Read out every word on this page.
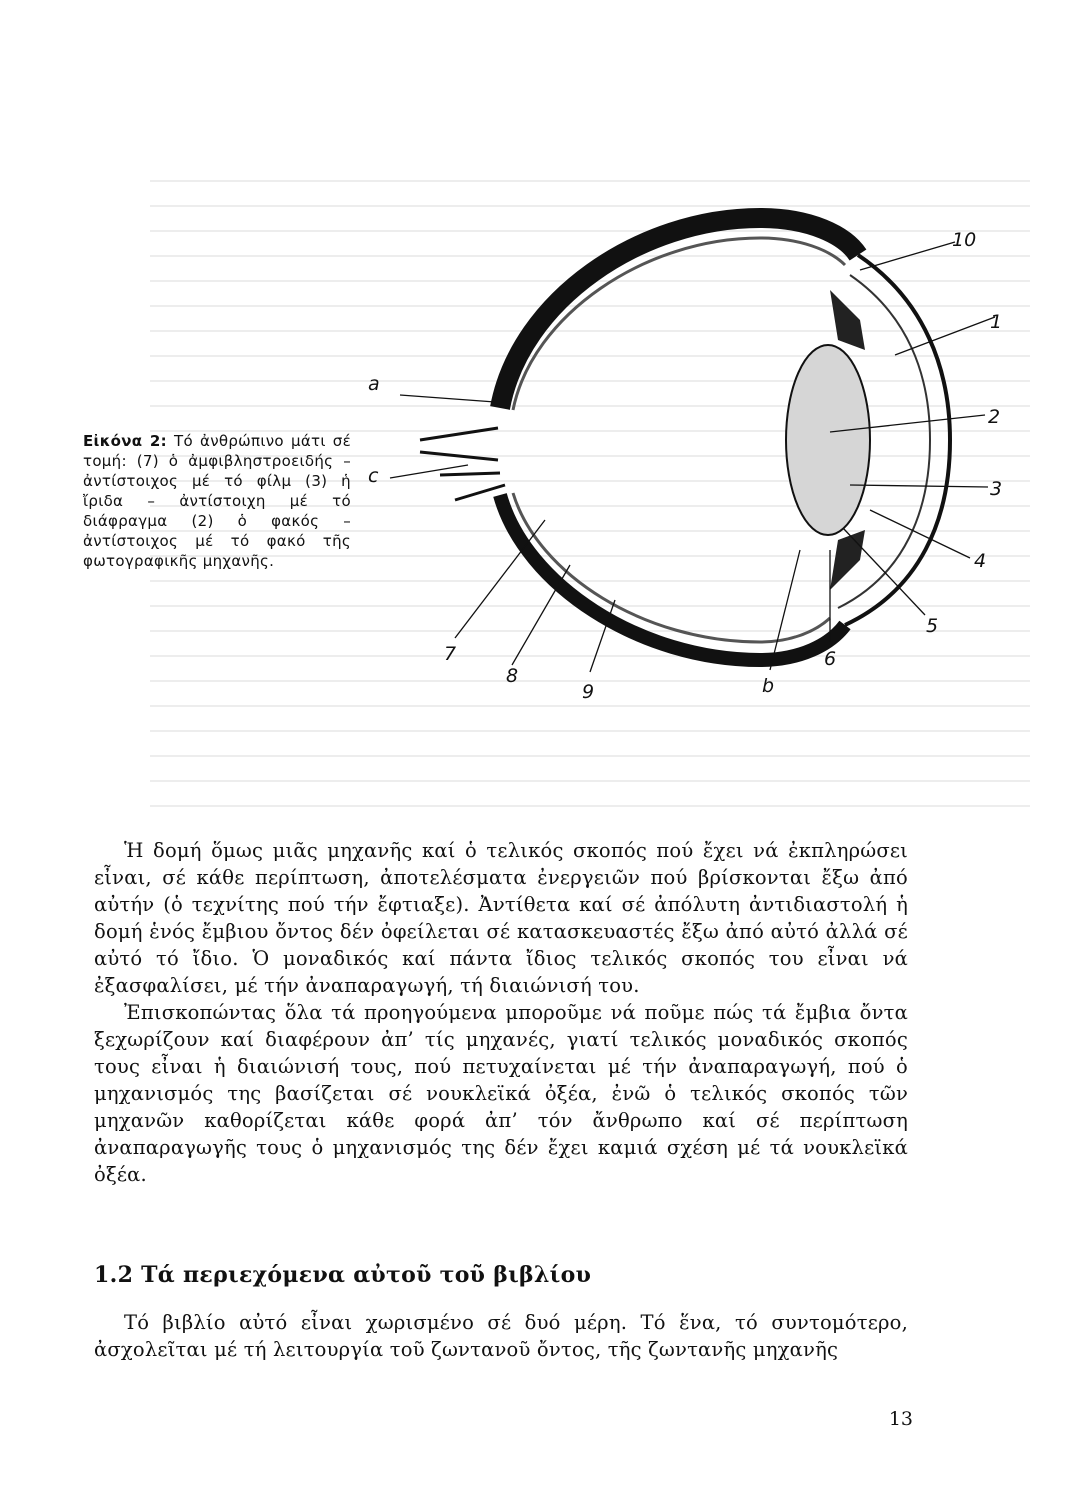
Εἰκόνα 2: Τό ἀνθρώπινο μάτι σέ τομή: (7) ὁ ἀμφιβληστροειδής – ἀντίστοιχος μέ τό φίλμ (3) ἡ ἴριδα – ἀντίστοιχη μέ τό διάφραγμα (2) ὁ φακός – ἀντίστοιχος μέ τό φακό τῆς φωτογραφικῆς μηχανῆς.
a
c
10
1
2
3
4
5
6
b
7
8
9

Ἡ δομή ὅμως μιᾶς μηχανῆς καί ὁ τελικός σκοπός πού ἔχει νά ἐκπληρώσει εἶναι, σέ κάθε περίπτωση, ἀποτελέσματα ἐνεργειῶν πού βρίσκονται ἔξω ἀπό αὐτήν (ὁ τεχνίτης πού τήν ἔφτιαξε). Ἀντίθετα καί σέ ἀπόλυτη ἀντιδιαστολή ἡ δομή ἑνός ἔμβιου ὄντος δέν ὀφείλεται σέ κατασκευαστές ἔξω ἀπό αὐτό ἀλλά σέ αὐτό τό ἴδιο. Ὁ μοναδικός καί πάντα ἴδιος τελικός σκοπός του εἶναι νά ἐξασφαλίσει, μέ τήν ἀναπαραγωγή, τή διαιώνισή του.

Ἐπισκοπώντας ὅλα τά προηγούμενα μποροῦμε νά ποῦμε πώς τά ἔμβια ὄντα ξεχωρίζουν καί διαφέρουν ἀπ’ τίς μηχανές, γιατί τελικός μοναδικός σκοπός τους εἶναι ἡ διαιώνισή τους, πού πετυχαίνεται μέ τήν ἀναπαραγωγή, πού ὁ μηχανισμός της βασίζεται σέ νουκλεϊκά ὀξέα, ἐνῶ ὁ τελικός σκοπός τῶν μηχανῶν καθορίζεται κάθε φορά ἀπ’ τόν ἄνθρωπο καί σέ περίπτωση ἀναπαραγωγῆς τους ὁ μηχανισμός της δέν ἔχει καμιά σχέση μέ τά νουκλεϊκά ὀξέα.

1.2 Τά περιεχόμενα αὐτοῦ τοῦ βιβλίου

Τό βιβλίο αὐτό εἶναι χωρισμένο σέ δυό μέρη. Τό ἕνα, τό συντομότερο, ἀσχολεῖται μέ τή λειτουργία τοῦ ζωντανοῦ ὄντος, τῆς ζωντανῆς μηχανῆς

13
